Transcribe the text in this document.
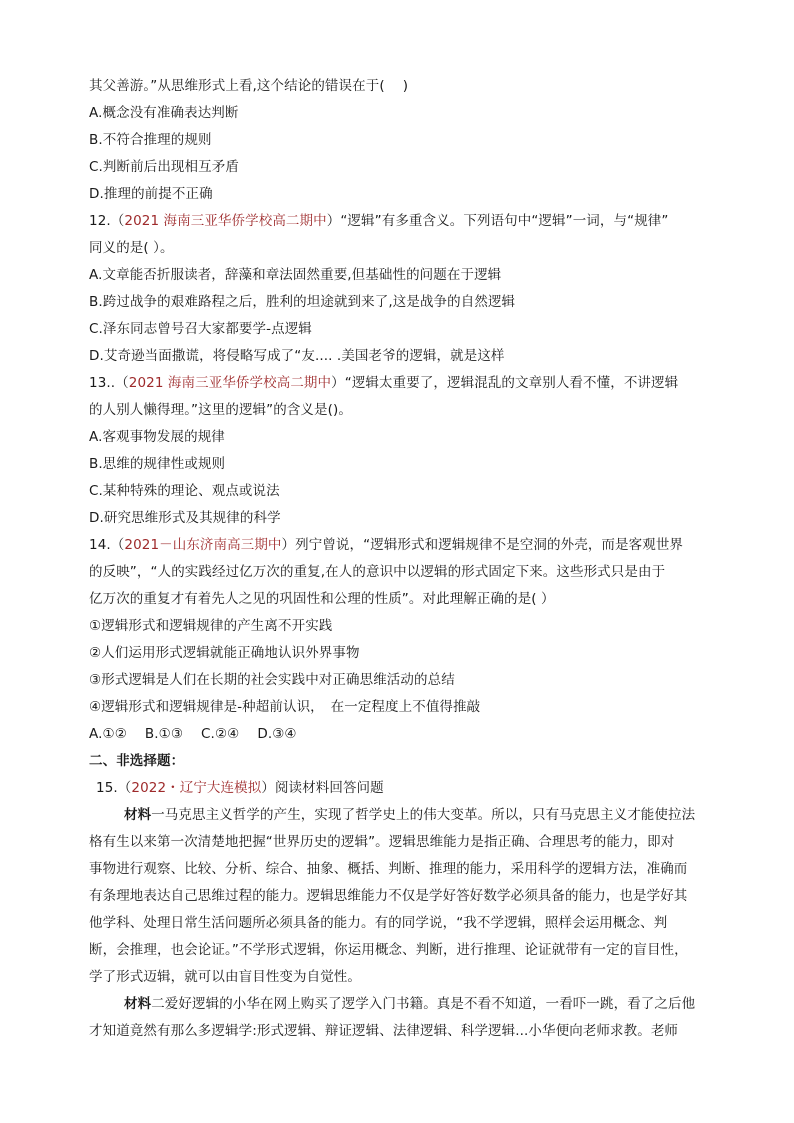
其父善游。”从思维形式上看,这个结论的错误在于(　 )
A.概念没有准确表达判断
B.不符合推理的规则
C.判断前后出现相互矛盾
D.推理的前提不正确
12.（2021 海南三亚华侨学校高二期中）“逻辑”有多重含义。下列语句中“逻辑”一词，与“规律”
同义的是( ）。
A.文章能否折服读者，辞藻和章法固然重要,但基础性的问题在于逻辑
B.跨过战争的艰难路程之后，胜利的坦途就到来了,这是战争的自然逻辑
C.泽东同志曾号召大家都要学-点逻辑
D.艾奇逊当面撒谎，将侵略写成了“友.... .美国老爷的逻辑，就是这样
13..（2021 海南三亚华侨学校高二期中）“逻辑太重要了，逻辑混乱的文章别人看不懂，不讲逻辑
的人别人懒得理。”这里的逻辑”的含义是()。
A.客观事物发展的规律
B.思维的规律性或规则
C.某种特殊的理论、观点或说法
D.研究思维形式及其规律的科学
14.（2021－山东济南高三期中）列宁曾说，“逻辑形式和逻辑规律不是空洞的外壳，而是客观世界
的反映”，“人的实践经过亿万次的重复,在人的意识中以逻辑的形式固定下来。这些形式只是由于
亿万次的重复才有着先人之见的巩固性和公理的性质”。对此理解正确的是( ）
①逻辑形式和逻辑规律的产生离不开实践
②人们运用形式逻辑就能正确地认识外界事物
③形式逻辑是人们在长期的社会实践中对正确思维活动的总结
④逻辑形式和逻辑规律是-种超前认识，　在一定程度上不值得推敲
A.①②　 B.①③　 C.②④　 D.③④
二、非选择题：
15.（2022・辽宁大连模拟）阅读材料回答问题
材料一马克思主义哲学的产生，实现了哲学史上的伟大变革。所以，只有马克思主义才能使拉法
格有生以来第一次清楚地把握“世界历史的逻辑”。逻辑思维能力是指正确、合理思考的能力，即对
事物进行观察、比较、分析、综合、抽象、概括、判断、推理的能力，采用科学的逻辑方法，准确而
有条理地表达自己思维过程的能力。逻辑思维能力不仅是学好答好数学必须具备的能力，也是学好其
他学科、处理日常生活问题所必须具备的能力。有的同学说，“我不学逻辑，照样会运用概念、判
断，会推理，也会论证。”不学形式逻辑，你运用概念、判断，进行推理、论证就带有一定的盲目性，
学了形式迈辑，就可以由盲目性变为自觉性。
材料二爱好逻辑的小华在网上购买了逻学入门书籍。真是不看不知道，一看吓一跳，看了之后他
才知道竟然有那么多逻辑学:形式逻辑、辩证逻辑、法律逻辑、科学逻辑...小华便向老师求教。老师
